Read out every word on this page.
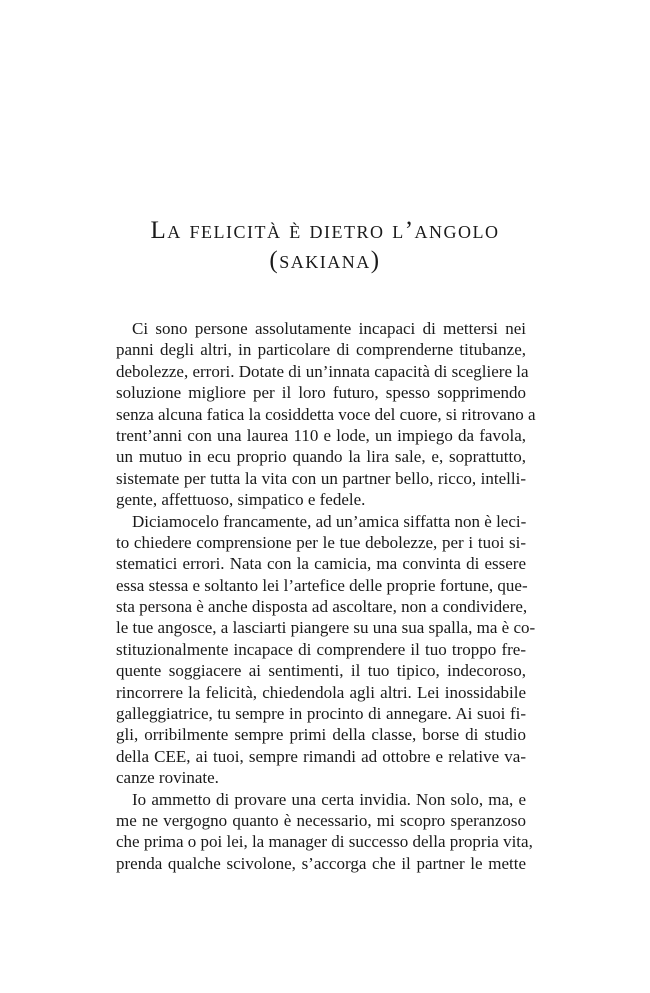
La felicità è dietro l’angolo
(sakiana)
Ci sono persone assolutamente incapaci di mettersi nei
panni degli altri, in particolare di comprenderne titubanze,
debolezze, errori. Dotate di un’innata capacità di scegliere la
soluzione migliore per il loro futuro, spesso sopprimendo
senza alcuna fatica la cosiddetta voce del cuore, si ritrovano a
trent’anni con una laurea 110 e lode, un impiego da favola,
un mutuo in ecu proprio quando la lira sale, e, soprattutto,
sistemate per tutta la vita con un partner bello, ricco, intelli-
gente, affettuoso, simpatico e fedele.
Diciamocelo francamente, ad un’amica siffatta non è leci-
to chiedere comprensione per le tue debolezze, per i tuoi si-
stematici errori. Nata con la camicia, ma convinta di essere
essa stessa e soltanto lei l’artefice delle proprie fortune, que-
sta persona è anche disposta ad ascoltare, non a condividere,
le tue angosce, a lasciarti piangere su una sua spalla, ma è co-
stituzionalmente incapace di comprendere il tuo troppo fre-
quente soggiacere ai sentimenti, il tuo tipico, indecoroso,
rincorrere la felicità, chiedendola agli altri. Lei inossidabile
galleggiatrice, tu sempre in procinto di annegare. Ai suoi fi-
gli, orribilmente sempre primi della classe, borse di studio
della CEE, ai tuoi, sempre rimandi ad ottobre e relative va-
canze rovinate.
Io ammetto di provare una certa invidia. Non solo, ma, e
me ne vergogno quanto è necessario, mi scopro speranzoso
che prima o poi lei, la manager di successo della propria vita,
prenda qualche scivolone, s’accorga che il partner le mette
